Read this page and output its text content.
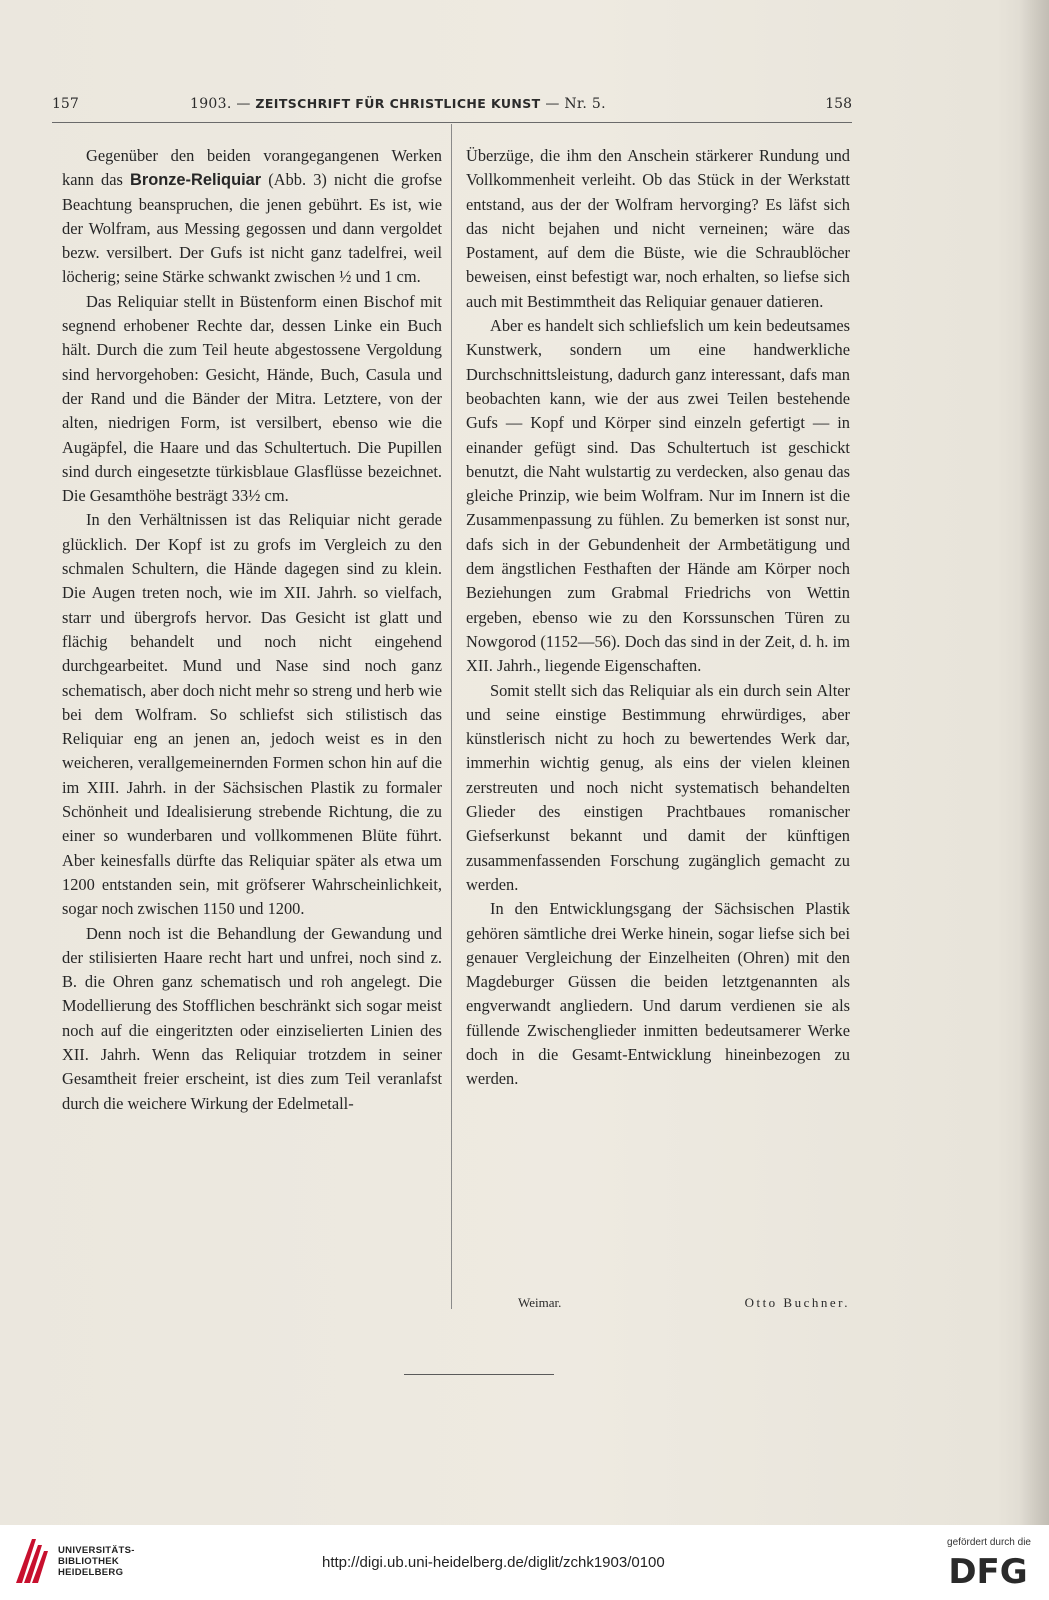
157	1903. — ZEITSCHRIFT FÜR CHRISTLICHE KUNST — Nr. 5.	158

Gegenüber den beiden vorangegangenen Werken kann das Bronze-Reliquiar (Abb. 3) nicht die grofse Beachtung beanspruchen, die jenen gebührt. Es ist, wie der Wolfram, aus Messing gegossen und dann vergoldet bezw. versilbert. Der Gufs ist nicht ganz tadelfrei, weil löcherig; seine Stärke schwankt zwischen ½ und 1 cm.

Das Reliquiar stellt in Büstenform einen Bischof mit segnend erhobener Rechte dar, dessen Linke ein Buch hält. Durch die zum Teil heute abgestossene Vergoldung sind hervorgehoben: Gesicht, Hände, Buch, Casula und der Rand und die Bänder der Mitra. Letztere, von der alten, niedrigen Form, ist versilbert, ebenso wie die Augäpfel, die Haare und das Schultertuch. Die Pupillen sind durch eingesetzte türkisblaue Glasflüsse bezeichnet. Die Gesamthöhe besträgt 33½ cm.

In den Verhältnissen ist das Reliquiar nicht gerade glücklich. Der Kopf ist zu grofs im Vergleich zu den schmalen Schultern, die Hände dagegen sind zu klein. Die Augen treten noch, wie im XII. Jahrh. so vielfach, starr und übergrofs hervor. Das Gesicht ist glatt und flächig behandelt und noch nicht eingehend durchgearbeitet. Mund und Nase sind noch ganz schematisch, aber doch nicht mehr so streng und herb wie bei dem Wolfram. So schliefst sich stilistisch das Reliquiar eng an jenen an, jedoch weist es in den weicheren, verallgemeinernden Formen schon hin auf die im XIII. Jahrh. in der Sächsischen Plastik zu formaler Schönheit und Idealisierung strebende Richtung, die zu einer so wunderbaren und vollkommenen Blüte führt. Aber keinesfalls dürfte das Reliquiar später als etwa um 1200 entstanden sein, mit gröfserer Wahrscheinlichkeit, sogar noch zwischen 1150 und 1200.

Denn noch ist die Behandlung der Gewandung und der stilisierten Haare recht hart und unfrei, noch sind z. B. die Ohren ganz schematisch und roh angelegt. Die Modellierung des Stofflichen beschränkt sich sogar meist noch auf die eingeritzten oder einziselierten Linien des XII. Jahrh. Wenn das Reliquiar trotzdem in seiner Gesamtheit freier erscheint, ist dies zum Teil veranlafst durch die weichere Wirkung der Edelmetall-

Überzüge, die ihm den Anschein stärkerer Rundung und Vollkommenheit verleiht. Ob das Stück in der Werkstatt entstand, aus der der Wolfram hervorging? Es läfst sich das nicht bejahen und nicht verneinen; wäre das Postament, auf dem die Büste, wie die Schraublöcher beweisen, einst befestigt war, noch erhalten, so liefse sich auch mit Bestimmtheit das Reliquiar genauer datieren.

Aber es handelt sich schliefslich um kein bedeutsames Kunstwerk, sondern um eine handwerkliche Durchschnittsleistung, dadurch ganz interessant, dafs man beobachten kann, wie der aus zwei Teilen bestehende Gufs — Kopf und Körper sind einzeln gefertigt — in einander gefügt sind. Das Schultertuch ist geschickt benutzt, die Naht wulstartig zu verdecken, also genau das gleiche Prinzip, wie beim Wolfram. Nur im Innern ist die Zusammenpassung zu fühlen. Zu bemerken ist sonst nur, dafs sich in der Gebundenheit der Armbetätigung und dem ängstlichen Festhaften der Hände am Körper noch Beziehungen zum Grabmal Friedrichs von Wettin ergeben, ebenso wie zu den Korssunschen Türen zu Nowgorod (1152—56). Doch das sind in der Zeit, d. h. im XII. Jahrh., liegende Eigenschaften.

Somit stellt sich das Reliquiar als ein durch sein Alter und seine einstige Bestimmung ehrwürdiges, aber künstlerisch nicht zu hoch zu bewertendes Werk dar, immerhin wichtig genug, als eins der vielen kleinen zerstreuten und noch nicht systematisch behandelten Glieder des einstigen Prachtbaues romanischer Giefserkunst bekannt und damit der künftigen zusammenfassenden Forschung zugänglich gemacht zu werden.

In den Entwicklungsgang der Sächsischen Plastik gehören sämtliche drei Werke hinein, sogar liefse sich bei genauer Vergleichung der Einzelheiten (Ohren) mit den Magdeburger Güssen die beiden letztgenannten als engverwandt angliedern. Und darum verdienen sie als füllende Zwischenglieder inmitten bedeutsamerer Werke doch in die Gesamt-Entwicklung hineinbezogen zu werden.

Weimar.	Otto Buchner.
UNIVERSITÄTS-
BIBLIOTHEK
HEIDELBERG
http://digi.ub.uni-heidelberg.de/diglit/zchk1903/0100
gefördert durch die
DFG
